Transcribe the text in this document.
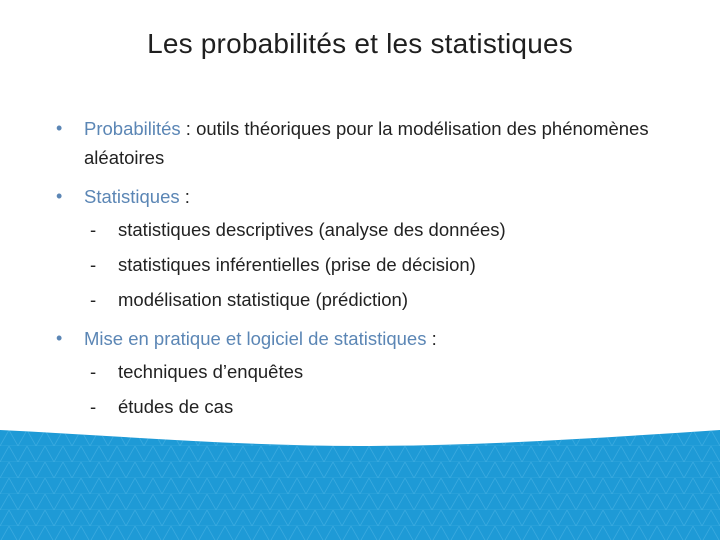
Les probabilités et les statistiques
• Probabilités : outils théoriques pour la modélisation des phénomènes aléatoires
• Statistiques :
- statistiques descriptives (analyse des données)
- statistiques inférentielles (prise de décision)
- modélisation statistique (prédiction)
• Mise en pratique et logiciel de statistiques :
- techniques d’enquêtes
- études de cas
